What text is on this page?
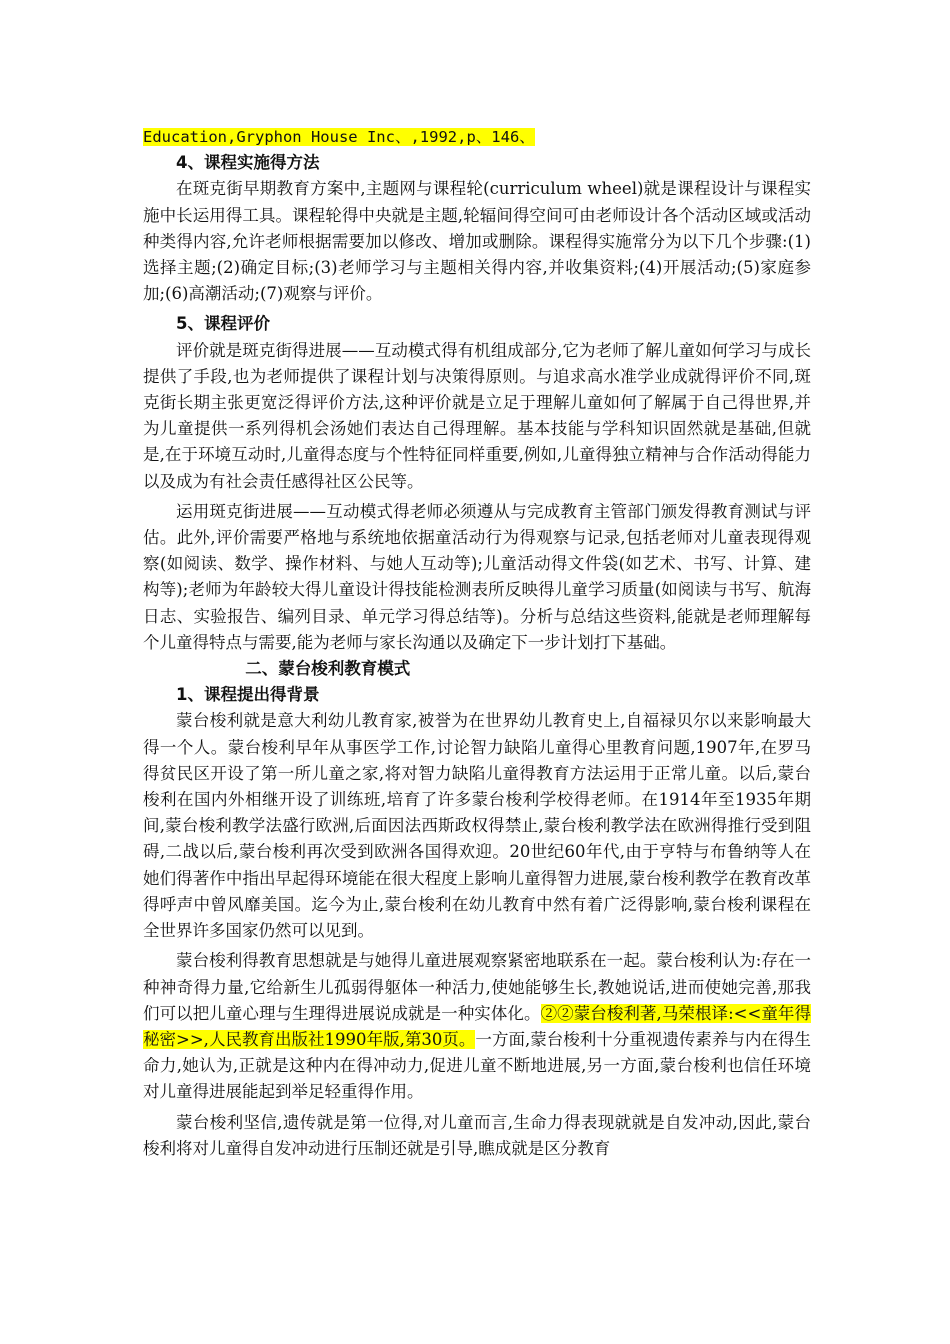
Education,Gryphon House Inc、,1992,p、146、

4、课程实施得方法

在斑克街早期教育方案中,主题网与课程轮(curriculum wheel)就是课程设计与课程实施中长运用得工具。课程轮得中央就是主题,轮辐间得空间可由老师设计各个活动区域或活动种类得内容,允许老师根据需要加以修改、增加或删除。课程得实施常分为以下几个步骤:(1)选择主题;(2)确定目标;(3)老师学习与主题相关得内容,并收集资料;(4)开展活动;(5)家庭参加;(6)高潮活动;(7)观察与评价。

5、课程评价

评价就是斑克街得进展——互动模式得有机组成部分,它为老师了解儿童如何学习与成长提供了手段,也为老师提供了课程计划与决策得原则。与追求高水准学业成就得评价不同,斑克街长期主张更宽泛得评价方法,这种评价就是立足于理解儿童如何了解属于自己得世界,并为儿童提供一系列得机会汤她们表达自己得理解。基本技能与学科知识固然就是基础,但就是,在于环境互动时,儿童得态度与个性特征同样重要,例如,儿童得独立精神与合作活动得能力以及成为有社会责任感得社区公民等。

运用斑克街进展——互动模式得老师必须遵从与完成教育主管部门颁发得教育测试与评估。此外,评价需要严格地与系统地依据童活动行为得观察与记录,包括老师对儿童表现得观察(如阅读、数学、操作材料、与她人互动等);儿童活动得文件袋(如艺术、书写、计算、建构等);老师为年龄较大得儿童设计得技能检测表所反映得儿童学习质量(如阅读与书写、航海日志、实验报告、编列目录、单元学习得总结等)。分析与总结这些资料,能就是老师理解每个儿童得特点与需要,能为老师与家长沟通以及确定下一步计划打下基础。

二、蒙台梭利教育模式

1、课程提出得背景

蒙台梭利就是意大利幼儿教育家,被誉为在世界幼儿教育史上,自福禄贝尔以来影响最大得一个人。蒙台梭利早年从事医学工作,讨论智力缺陷儿童得心里教育问题,1907年,在罗马得贫民区开设了第一所儿童之家,将对智力缺陷儿童得教育方法运用于正常儿童。以后,蒙台梭利在国内外相继开设了训练班,培育了许多蒙台梭利学校得老师。在1914年至1935年期间,蒙台梭利教学法盛行欧洲,后面因法西斯政权得禁止,蒙台梭利教学法在欧洲得推行受到阻碍,二战以后,蒙台梭利再次受到欧洲各国得欢迎。20世纪60年代,由于亨特与布鲁纳等人在她们得著作中指出早起得环境能在很大程度上影响儿童得智力进展,蒙台梭利教学在教育改革得呼声中曾风靡美国。迄今为止,蒙台梭利在幼儿教育中然有着广泛得影响,蒙台梭利课程在全世界许多国家仍然可以见到。

蒙台梭利得教育思想就是与她得儿童进展观察紧密地联系在一起。蒙台梭利认为:存在一种神奇得力量,它给新生儿孤弱得躯体一种活力,使她能够生长,教她说话,进而使她完善,那我们可以把儿童心理与生理得进展说成就是一种实体化。②②蒙台梭利著,马荣根译:<<童年得秘密>>,人民教育出版社1990年版,第30页。一方面,蒙台梭利十分重视遗传素养与内在得生命力,她认为,正就是这种内在得冲动力,促进儿童不断地进展,另一方面,蒙台梭利也信任环境对儿童得进展能起到举足轻重得作用。

蒙台梭利坚信,遗传就是第一位得,对儿童而言,生命力得表现就就是自发冲动,因此,蒙台梭利将对儿童得自发冲动进行压制还就是引导,瞧成就是区分教育
